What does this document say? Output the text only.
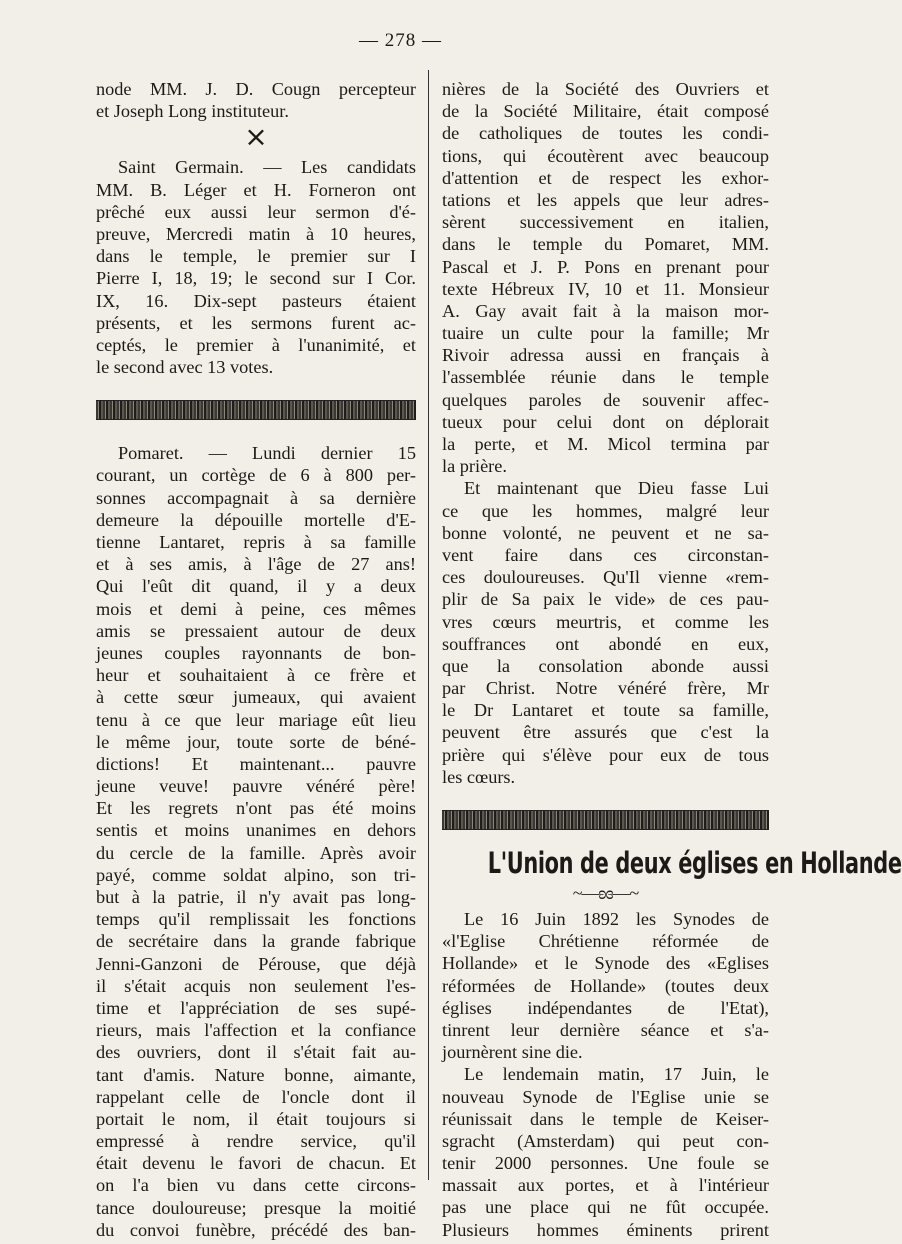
— 278 —
node MM. J. D. Cougn percepteur
et Joseph Long instituteur.
×
Saint Germain. — Les candidats
MM. B. Léger et H. Forneron ont
prêché eux aussi leur sermon d'é-
preuve, Mercredi matin à 10 heures,
dans le temple, le premier sur I
Pierre I, 18, 19; le second sur I Cor.
IX, 16. Dix-sept pasteurs étaient
présents, et les sermons furent ac-
ceptés, le premier à l'unanimité, et
le second avec 13 votes.
Pomaret. — Lundi dernier 15
courant, un cortège de 6 à 800 per-
sonnes accompagnait à sa dernière
demeure la dépouille mortelle d'E-
tienne Lantaret, repris à sa famille
et à ses amis, à l'âge de 27 ans!
Qui l'eût dit quand, il y a deux
mois et demi à peine, ces mêmes
amis se pressaient autour de deux
jeunes couples rayonnants de bon-
heur et souhaitaient à ce frère et
à cette sœur jumeaux, qui avaient
tenu à ce que leur mariage eût lieu
le même jour, toute sorte de béné-
dictions! Et maintenant... pauvre
jeune veuve! pauvre vénéré père!
Et les regrets n'ont pas été moins
sentis et moins unanimes en dehors
du cercle de la famille. Après avoir
payé, comme soldat alpino, son tri-
but à la patrie, il n'y avait pas long-
temps qu'il remplissait les fonctions
de secrétaire dans la grande fabrique
Jenni-Ganzoni de Pérouse, que déjà
il s'était acquis non seulement l'es-
time et l'appréciation de ses supé-
rieurs, mais l'affection et la confiance
des ouvriers, dont il s'était fait au-
tant d'amis. Nature bonne, aimante,
rappelant celle de l'oncle dont il
portait le nom, il était toujours si
empressé à rendre service, qu'il
était devenu le favori de chacun. Et
on l'a bien vu dans cette circons-
tance douloureuse; presque la moitié
du convoi funèbre, précédé des ban-
nières de la Société des Ouvriers et
de la Société Militaire, était composé
de catholiques de toutes les condi-
tions, qui écoutèrent avec beaucoup
d'attention et de respect les exhor-
tations et les appels que leur adres-
sèrent successivement en italien,
dans le temple du Pomaret, MM.
Pascal et J. P. Pons en prenant pour
texte Hébreux IV, 10 et 11. Monsieur
A. Gay avait fait à la maison mor-
tuaire un culte pour la famille; Mr
Rivoir adressa aussi en français à
l'assemblée réunie dans le temple
quelques paroles de souvenir affec-
tueux pour celui dont on déplorait
la perte, et M. Micol termina par
la prière.
Et maintenant que Dieu fasse Lui
ce que les hommes, malgré leur
bonne volonté, ne peuvent et ne sa-
vent faire dans ces circonstan-
ces douloureuses. Qu'Il vienne «rem-
plir de Sa paix le vide» de ces pau-
vres cœurs meurtris, et comme les
souffrances ont abondé en eux,
que la consolation abonde aussi
par Christ. Notre vénéré frère, Mr
le Dr Lantaret et toute sa famille,
peuvent être assurés que c'est la
prière qui s'élève pour eux de tous
les cœurs.
L'Union de deux églises en Hollande
~—ʚɞ—~
Le 16 Juin 1892 les Synodes de
«l'Eglise Chrétienne réformée de
Hollande» et le Synode des «Eglises
réformées de Hollande» (toutes deux
églises indépendantes de l'Etat),
tinrent leur dernière séance et s'a-
journèrent sine die.
Le lendemain matin, 17 Juin, le
nouveau Synode de l'Eglise unie se
réunissait dans le temple de Keiser-
sgracht (Amsterdam) qui peut con-
tenir 2000 personnes. Une foule se
massait aux portes, et à l'intérieur
pas une place qui ne fût occupée.
Plusieurs hommes éminents prirent
